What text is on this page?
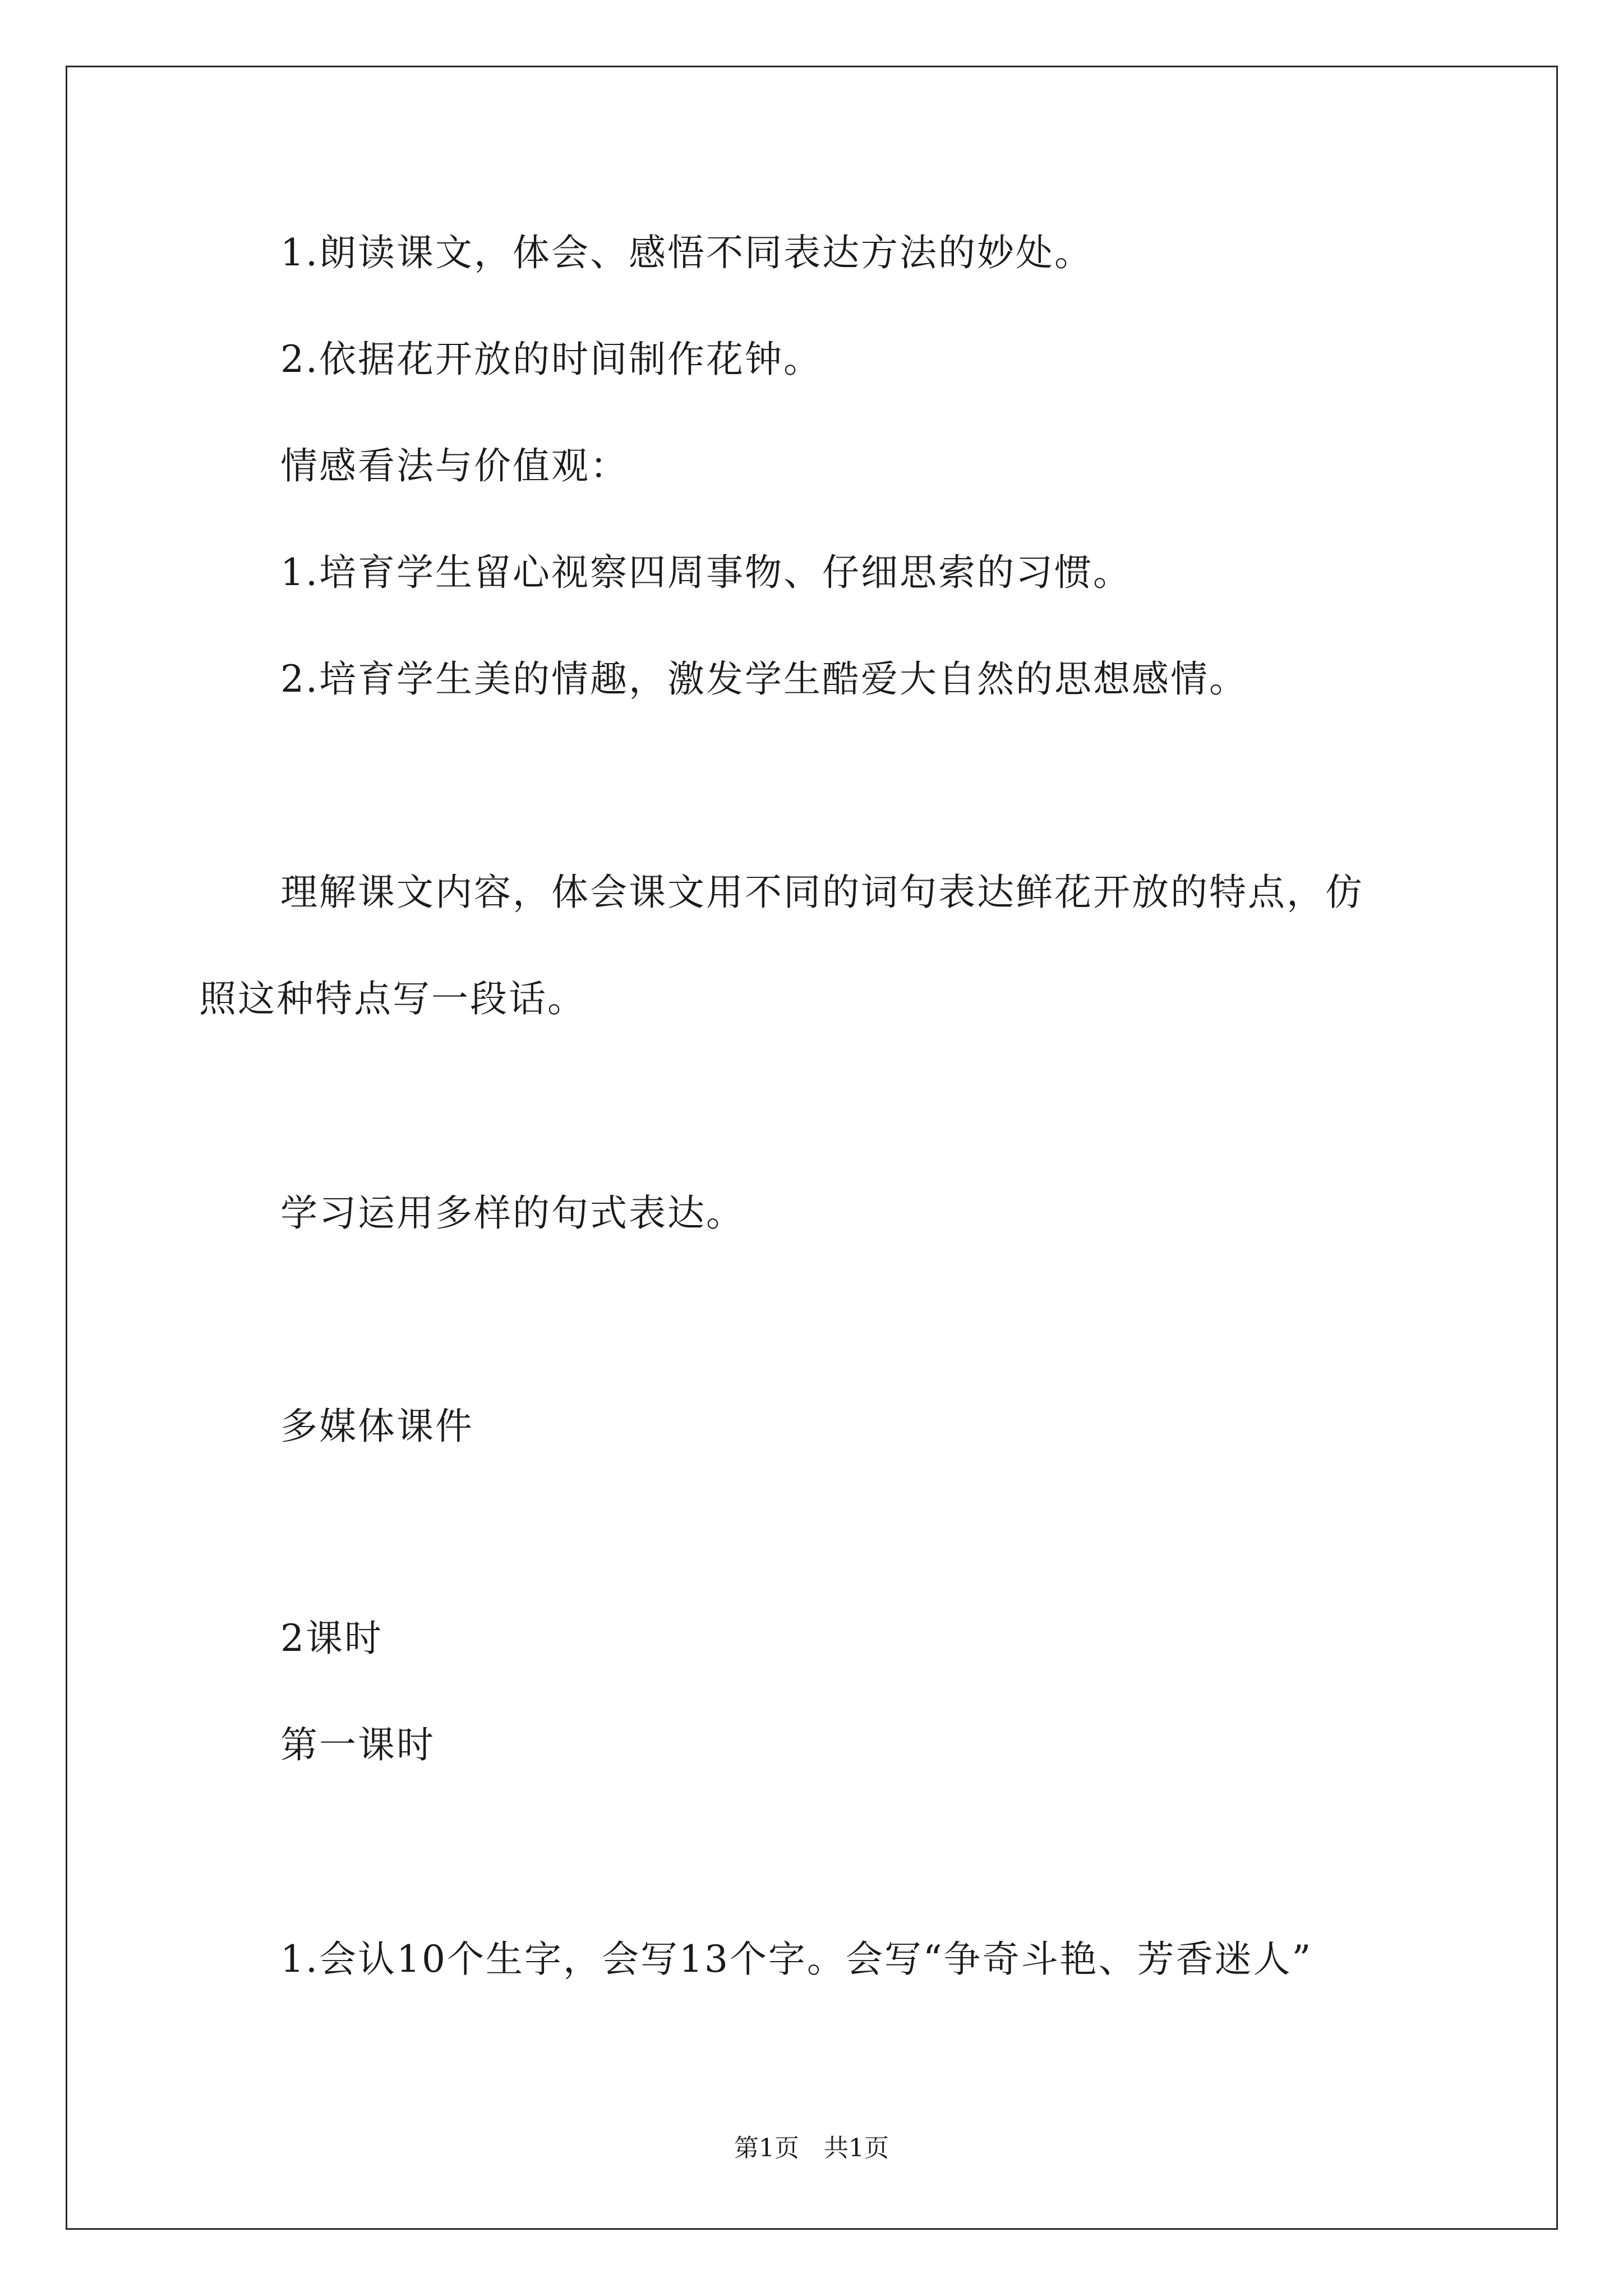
1.朗读课文，体会、感悟不同表达方法的妙处。
2.依据花开放的时间制作花钟。
情感看法与价值观：
1.培育学生留心视察四周事物、仔细思索的习惯。
2.培育学生美的情趣，激发学生酷爱大自然的思想感情。
理解课文内容，体会课文用不同的词句表达鲜花开放的特点，仿
照这种特点写一段话。
学习运用多样的句式表达。
多媒体课件
2课时
第一课时
1.会认10个生字，会写13个字。会写“争奇斗艳、芳香迷人”
第1页　共1页
